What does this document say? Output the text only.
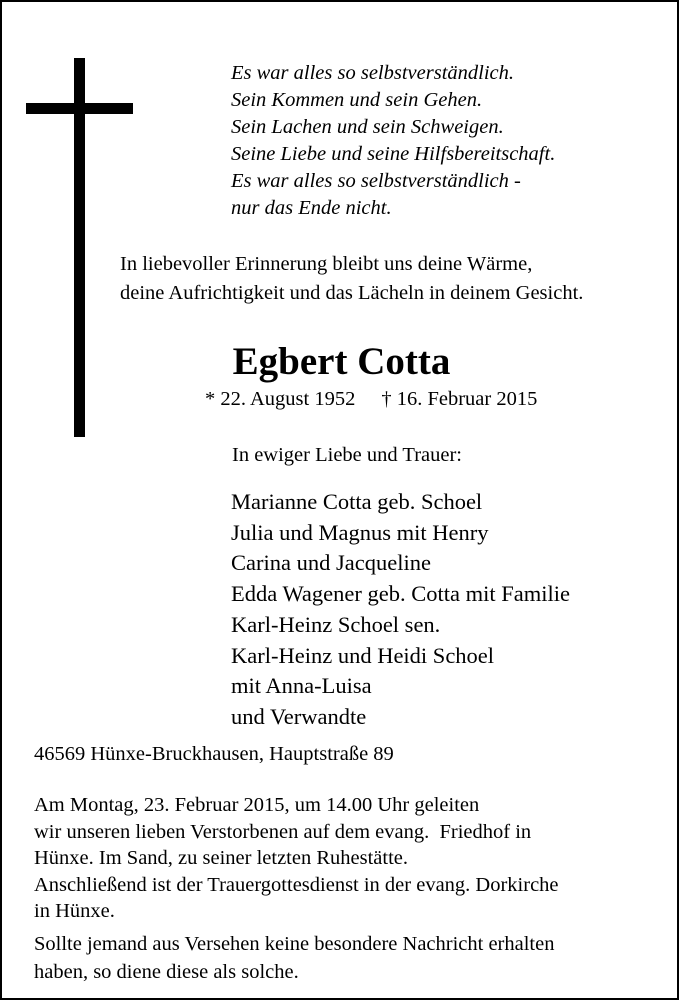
Es war alles so selbstverständlich.
Sein Kommen und sein Gehen.
Sein Lachen und sein Schweigen.
Seine Liebe und seine Hilfsbereitschaft.
Es war alles so selbstverständlich -
nur das Ende nicht.
In liebevoller Erinnerung bleibt uns deine Wärme,
deine Aufrichtigkeit und das Lächeln in deinem Gesicht.
Egbert Cotta
* 22. August 1952 † 16. Februar 2015
In ewiger Liebe und Trauer:
Marianne Cotta geb. Schoel
Julia und Magnus mit Henry
Carina und Jacqueline
Edda Wagener geb. Cotta mit Familie
Karl-Heinz Schoel sen.
Karl-Heinz und Heidi Schoel
mit Anna-Luisa
und Verwandte
46569 Hünxe-Bruckhausen, Hauptstraße 89
Am Montag, 23. Februar 2015, um 14.00 Uhr geleiten
wir unseren lieben Verstorbenen auf dem evang.  Friedhof in
Hünxe. Im Sand, zu seiner letzten Ruhestätte.
Anschließend ist der Trauergottesdienst in der evang. Dorkirche
in Hünxe.
Sollte jemand aus Versehen keine besondere Nachricht erhalten
haben, so diene diese als solche.
